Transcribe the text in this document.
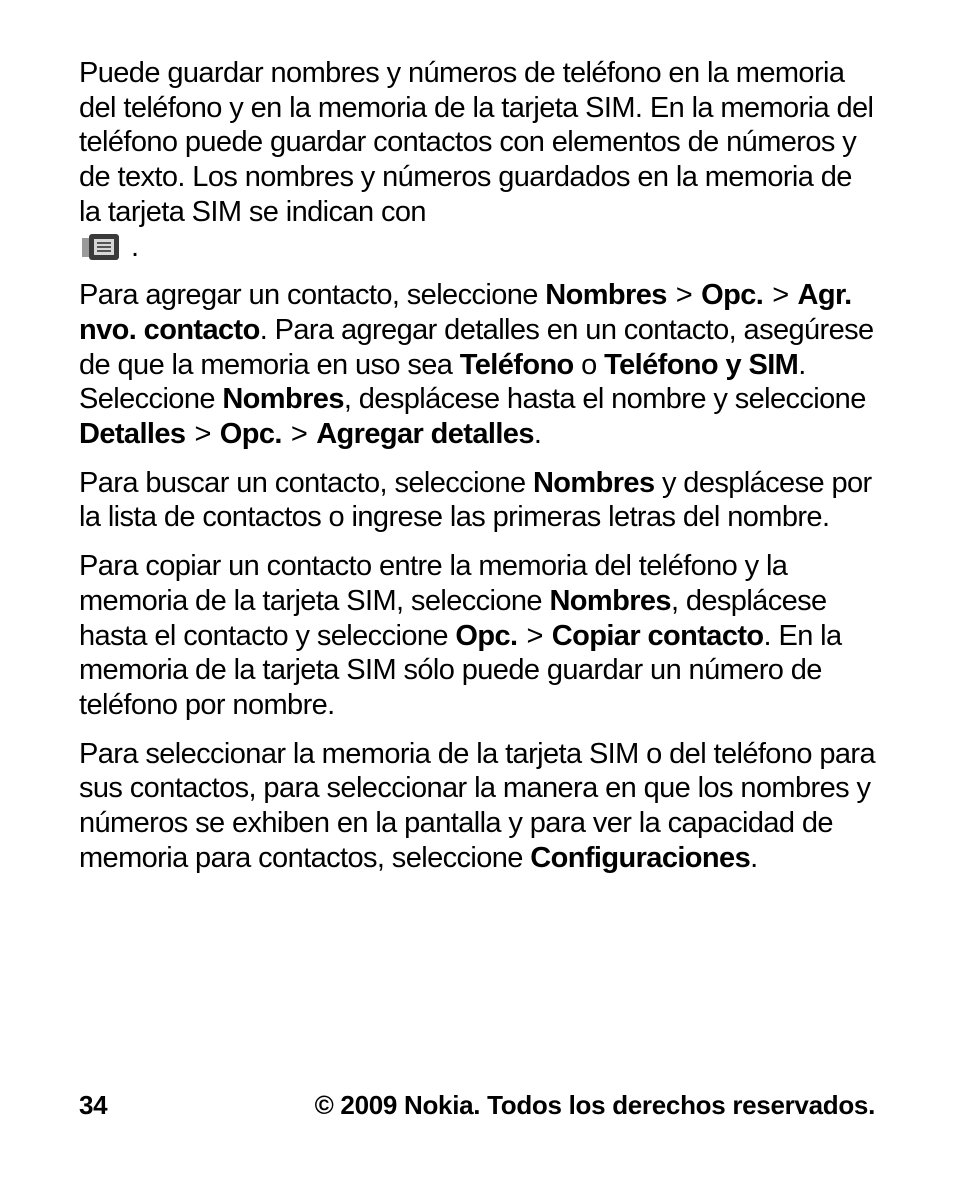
Puede guardar nombres y números de teléfono en la memoria del teléfono y en la memoria de la tarjeta SIM. En la memoria del teléfono puede guardar contactos con elementos de números y de texto. Los nombres y números guardados en la memoria de la tarjeta SIM se indican con
.

Para agregar un contacto, seleccione Nombres > Opc. > Agr. nvo. contacto. Para agregar detalles en un contacto, asegúrese de que la memoria en uso sea Teléfono o Teléfono y SIM. Seleccione Nombres, desplácese hasta el nombre y seleccione Detalles > Opc. > Agregar detalles.

Para buscar un contacto, seleccione Nombres y desplácese por la lista de contactos o ingrese las primeras letras del nombre.

Para copiar un contacto entre la memoria del teléfono y la memoria de la tarjeta SIM, seleccione Nombres, desplácese hasta el contacto y seleccione Opc. > Copiar contacto. En la memoria de la tarjeta SIM sólo puede guardar un número de teléfono por nombre.

Para seleccionar la memoria de la tarjeta SIM o del teléfono para sus contactos, para seleccionar la manera en que los nombres y números se exhiben en la pantalla y para ver la capacidad de memoria para contactos, seleccione Configuraciones.

34	© 2009 Nokia. Todos los derechos reservados.
